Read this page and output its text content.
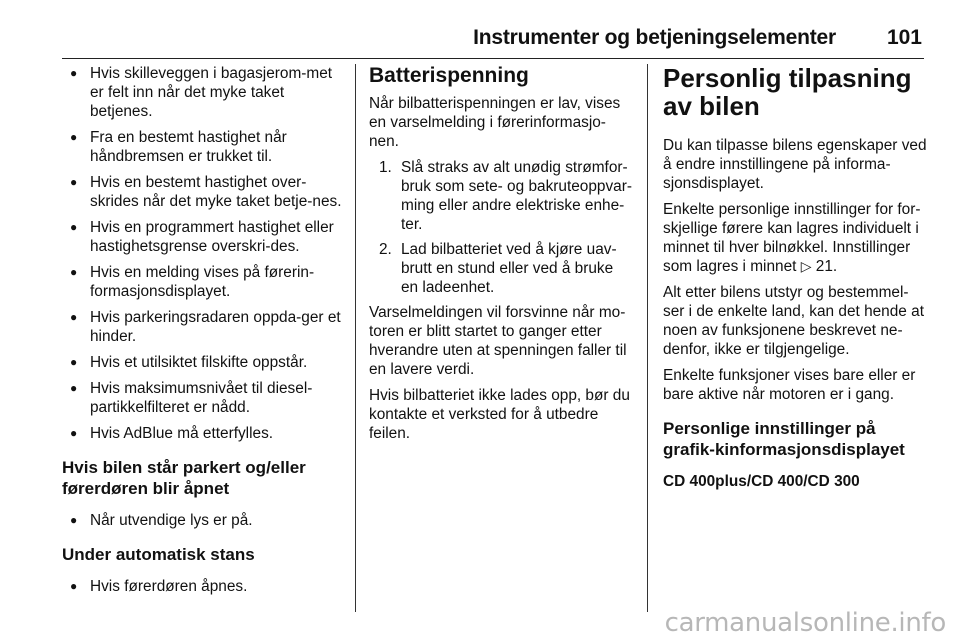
Instrumenter og betjeningselementer 101
● Hvis skilleveggen i bagasjerom-met er felt inn når det myke taket betjenes.
● Fra en bestemt hastighet når håndbremsen er trukket til.
● Hvis en bestemt hastighet over-skrides når det myke taket betje-nes.
● Hvis en programmert hastighet eller hastighetsgrense overskri-des.
● Hvis en melding vises på førerin-formasjonsdisplayet.
● Hvis parkeringsradaren oppda-ger et hinder.
● Hvis et utilsiktet filskifte oppstår.
● Hvis maksimumsnivået til diesel-partikkelfilteret er nådd.
● Hvis AdBlue må etterfylles.
Hvis bilen står parkert og/eller førerdøren blir åpnet
● Når utvendige lys er på.
Under automatisk stans
● Hvis førerdøren åpnes.
Batterispenning

Når bilbatterispenningen er lav, vises en varselmelding i førerinformasjo-nen.

1. Slå straks av alt unødig strømfor-bruk som sete- og bakruteoppvar-ming eller andre elektriske enhe-ter.
2. Lad bilbatteriet ved å kjøre uav-brutt en stund eller ved å bruke en ladeenhet.

Varselmeldingen vil forsvinne når mo-toren er blitt startet to ganger etter hverandre uten at spenningen faller til en lavere verdi.

Hvis bilbatteriet ikke lades opp, bør du kontakte et verksted for å utbedre feilen.

Personlig tilpasning av bilen

Du kan tilpasse bilens egenskaper ved å endre innstillingene på informa-sjonsdisplayet.

Enkelte personlige innstillinger for for-skjellige førere kan lagres individuelt i minnet til hver bilnøkkel. Innstillinger som lagres i minnet ▷ 21.

Alt etter bilens utstyr og bestemmel-ser i de enkelte land, kan det hende at noen av funksjonene beskrevet ne-denfor, ikke er tilgjengelige.

Enkelte funksjoner vises bare eller er bare aktive når motoren er i gang.

Personlige innstillinger på grafik-kinformasjonsdisplayet
CD 400plus/CD 400/CD 300
carmanualsonline.info
